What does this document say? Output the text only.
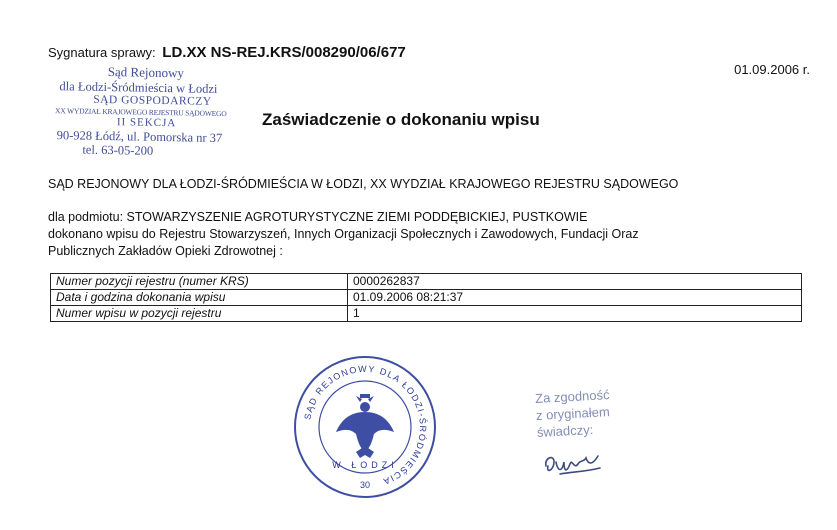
Sygnatura sprawy: LD.XX NS-REJ.KRS/008290/06/677
01.09.2006 r.
Sąd Rejonowy
dla Łodzi-Śródmieścia w Łodzi
SĄD GOSPODARCZY
XX WYDZIAŁ KRAJOWEGO REJESTRU SĄDOWEGO
II SEKCJA
90-928 Łódź, ul. Pomorska nr 37
tel. 63-05-200
Zaświadczenie o dokonaniu wpisu
SĄD REJONOWY DLA ŁODZI-ŚRÓDMIEŚCIA W ŁODZI, XX WYDZIAŁ KRAJOWEGO REJESTRU SĄDOWEGO
dla podmiotu: STOWARZYSZENIE AGROTURYSTYCZNE ZIEMI PODDĘBICKIEJ, PUSTKOWIE
dokonano wpisu do Rejestru Stowarzyszeń, Innych Organizacji Społecznych i Zawodowych, Fundacji Oraz
Publicznych Zakładów Opieki Zdrowotnej :
Numer pozycji rejestru (numer KRS)	0000262837
Data i godzina dokonania wpisu	01.09.2006 08:21:37
Numer wpisu w pozycji rejestru	1
SĄD REJONOWY DLA ŁODZI-ŚRÓDMIEŚCIA
W ŁODZI
30
Za zgodność
z oryginałem
świadczy:
